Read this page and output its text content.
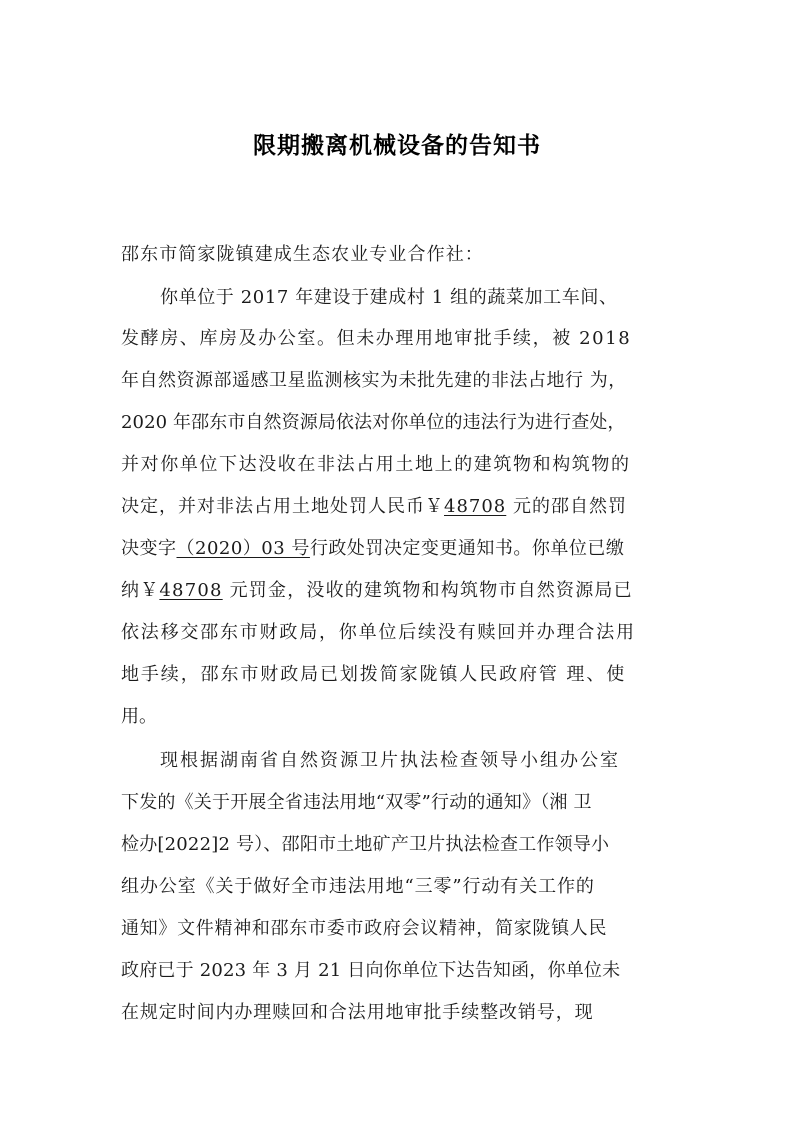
限期搬离机械设备的告知书

邵东市简家陇镇建成生态农业专业合作社：

你单位于 2017 年建设于建成村 1 组的蔬菜加工车间、

发酵房、库房及办公室。但未办理用地审批手续，被 2018

年自然资源部遥感卫星监测核实为未批先建的非法占地行 为，

2020 年邵东市自然资源局依法对你单位的违法行为进行查处，

并对你单位下达没收在非法占用土地上的建筑物和构筑物的

决定，并对非法占用土地处罚人民币￥48708 元的邵自然罚

决变字（2020）03 号行政处罚决定变更通知书。你单位已缴

纳￥48708 元罚金，没收的建筑物和构筑物市自然资源局已

依法移交邵东市财政局，你单位后续没有赎回并办理合法用

地手续，邵东市财政局已划拨简家陇镇人民政府管 理、使

用。

现根据湖南省自然资源卫片执法检查领导小组办公室

下发的《关于开展全省违法用地“双零”行动的通知》（湘 卫

检办[2022]2 号）、邵阳市土地矿产卫片执法检查工作领导小

组办公室《关于做好全市违法用地“三零”行动有关工作的

通知》文件精神和邵东市委市政府会议精神，简家陇镇人民

政府已于 2023 年 3 月 21 日向你单位下达告知函，你单位未

在规定时间内办理赎回和合法用地审批手续整改销号，现
